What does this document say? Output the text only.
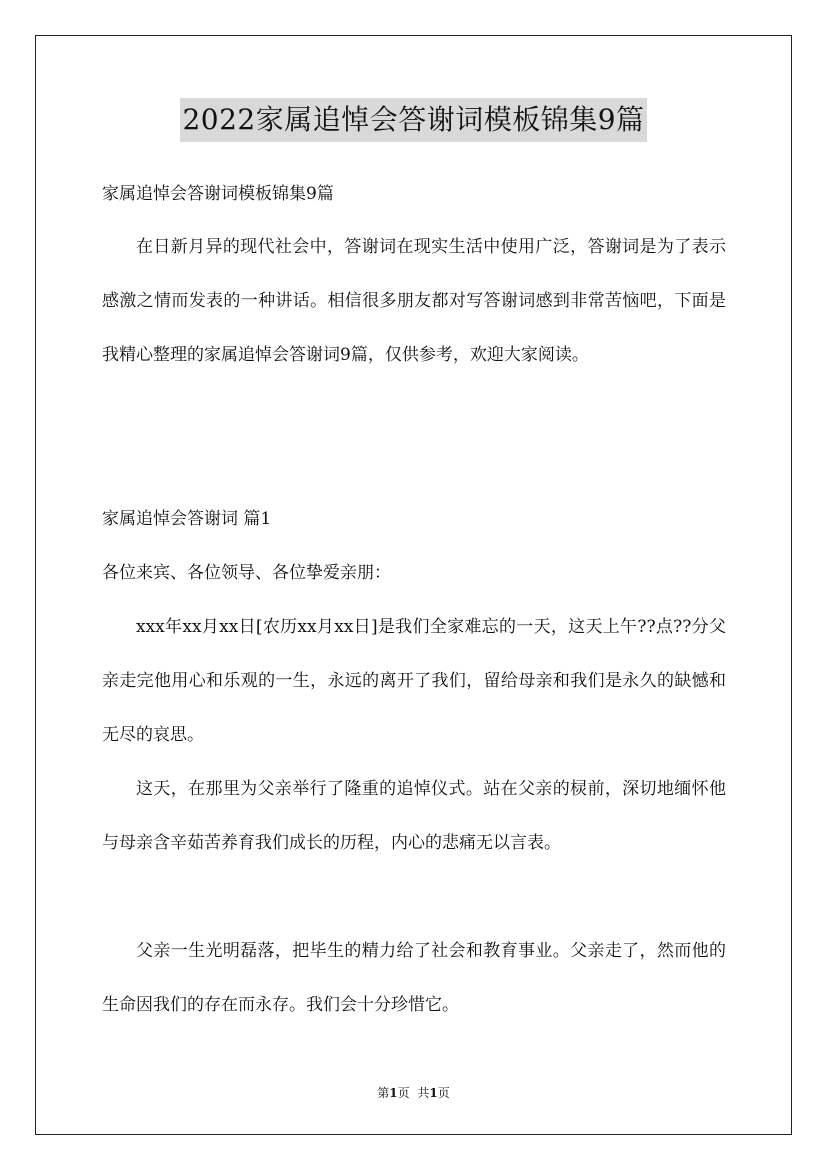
2022家属追悼会答谢词模板锦集9篇
家属追悼会答谢词模板锦集9篇

在日新月异的现代社会中，答谢词在现实生活中使用广泛，答谢词是为了表示感激之情而发表的一种讲话。相信很多朋友都对写答谢词感到非常苦恼吧，下面是我精心整理的家属追悼会答谢词9篇，仅供参考，欢迎大家阅读。

家属追悼会答谢词 篇1
各位来宾、各位领导、各位挚爱亲朋：

xxx年xx月xx日[农历xx月xx日]是我们全家难忘的一天，这天上午??点??分父亲走完他用心和乐观的一生，永远的离开了我们，留给母亲和我们是永久的缺憾和无尽的哀思。

这天，在那里为父亲举行了隆重的追悼仪式。站在父亲的棂前，深切地缅怀他与母亲含辛茹苦养育我们成长的历程，内心的悲痛无以言表。

父亲一生光明磊落，把毕生的精力给了社会和教育事业。父亲走了，然而他的生命因我们的存在而永存。我们会十分珍惜它。

第1页 共1页
